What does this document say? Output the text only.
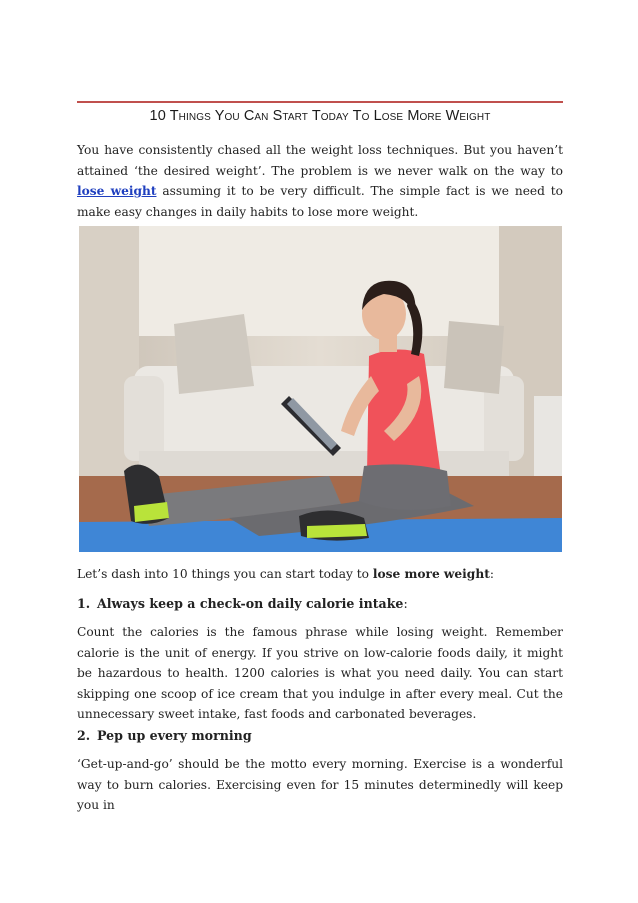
10 Things You Can Start Today To Lose More Weight

You have consistently chased all the weight loss techniques. But you haven’t attained ‘the desired weight’. The problem is we never walk on the way to lose weight assuming it to be very difficult. The simple fact is we need to make easy changes in daily habits to lose more weight.

Let’s dash into 10 things you can start today to lose more weight:

1. Always keep a check-on daily calorie intake:

Count the calories is the famous phrase while losing weight. Remember calorie is the unit of energy. If you strive on low-calorie foods daily, it might be hazardous to health. 1200 calories is what you need daily. You can start skipping one scoop of ice cream that you indulge in after every meal. Cut the unnecessary sweet intake, fast foods and carbonated beverages.

2. Pep up every morning

‘Get-up-and-go’ should be the motto every morning. Exercise is a wonderful way to burn calories. Exercising even for 15 minutes determinedly will keep you in
